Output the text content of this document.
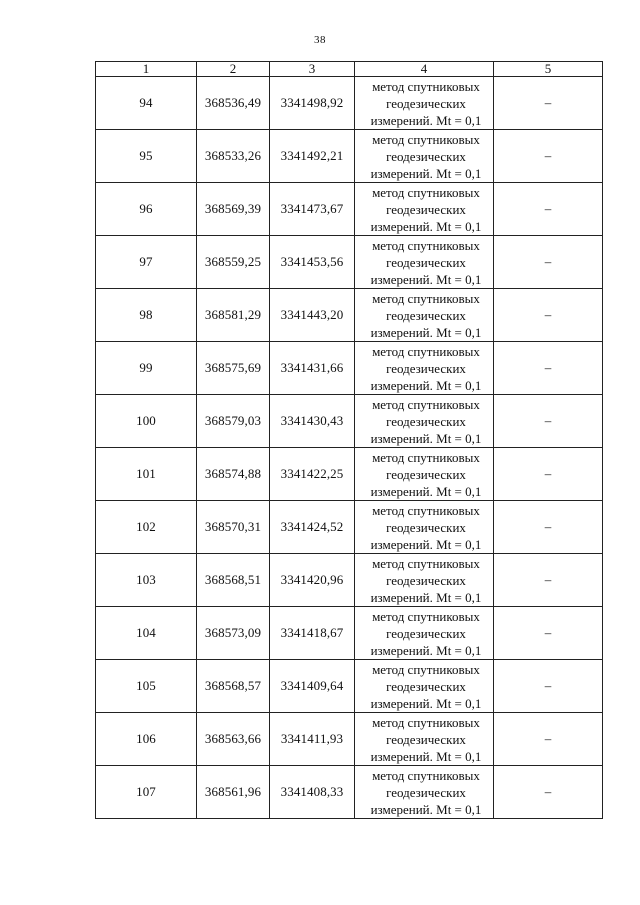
38
1	2	3	4	5
94	368536,49	3341498,92	метод спутниковых
геодезических
измерений. Mt = 0,1	–
95	368533,26	3341492,21	метод спутниковых
геодезических
измерений. Mt = 0,1	–
96	368569,39	3341473,67	метод спутниковых
геодезических
измерений. Mt = 0,1	–
97	368559,25	3341453,56	метод спутниковых
геодезических
измерений. Mt = 0,1	–
98	368581,29	3341443,20	метод спутниковых
геодезических
измерений. Mt = 0,1	–
99	368575,69	3341431,66	метод спутниковых
геодезических
измерений. Mt = 0,1	–
100	368579,03	3341430,43	метод спутниковых
геодезических
измерений. Mt = 0,1	–
101	368574,88	3341422,25	метод спутниковых
геодезических
измерений. Mt = 0,1	–
102	368570,31	3341424,52	метод спутниковых
геодезических
измерений. Mt = 0,1	–
103	368568,51	3341420,96	метод спутниковых
геодезических
измерений. Mt = 0,1	–
104	368573,09	3341418,67	метод спутниковых
геодезических
измерений. Mt = 0,1	–
105	368568,57	3341409,64	метод спутниковых
геодезических
измерений. Mt = 0,1	–
106	368563,66	3341411,93	метод спутниковых
геодезических
измерений. Mt = 0,1	–
107	368561,96	3341408,33	метод спутниковых
геодезических
измерений. Mt = 0,1	–
